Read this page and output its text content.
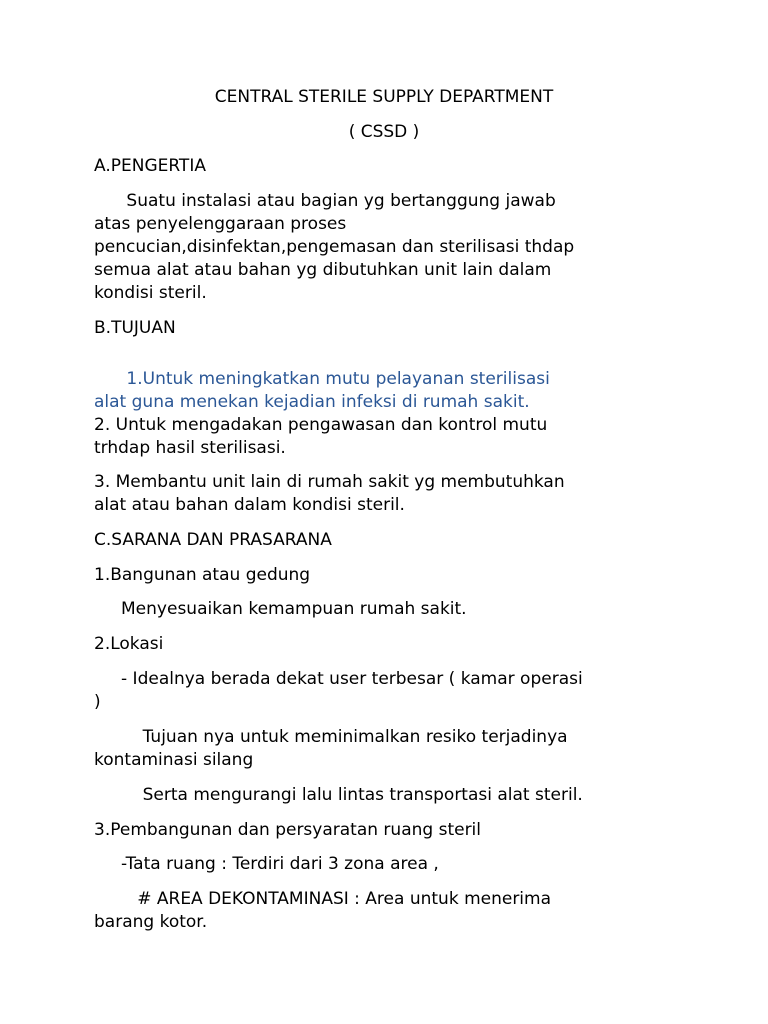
CENTRAL STERILE SUPPLY DEPARTMENT

( CSSD )

A.PENGERTIA

Suatu instalasi atau bagian yg bertanggung jawab

atas penyelenggaraan proses

pencucian,disinfektan,pengemasan dan sterilisasi thdap

semua alat atau bahan yg dibutuhkan unit lain dalam

kondisi steril.

B.TUJUAN

1.Untuk meningkatkan mutu pelayanan sterilisasi

alat guna menekan kejadian infeksi di rumah sakit.

2. Untuk mengadakan pengawasan dan kontrol mutu

trhdap hasil sterilisasi.

3. Membantu unit lain di rumah sakit yg membutuhkan

alat atau bahan dalam kondisi steril.

C.SARANA DAN PRASARANA

1.Bangunan atau gedung

Menyesuaikan kemampuan rumah sakit.

2.Lokasi

- Idealnya berada dekat user terbesar ( kamar operasi

)

Tujuan nya untuk meminimalkan resiko terjadinya

kontaminasi silang

Serta mengurangi lalu lintas transportasi alat steril.

3.Pembangunan dan persyaratan ruang steril

-Tata ruang : Terdiri dari 3 zona area ,

# AREA DEKONTAMINASI : Area untuk menerima

barang kotor.
